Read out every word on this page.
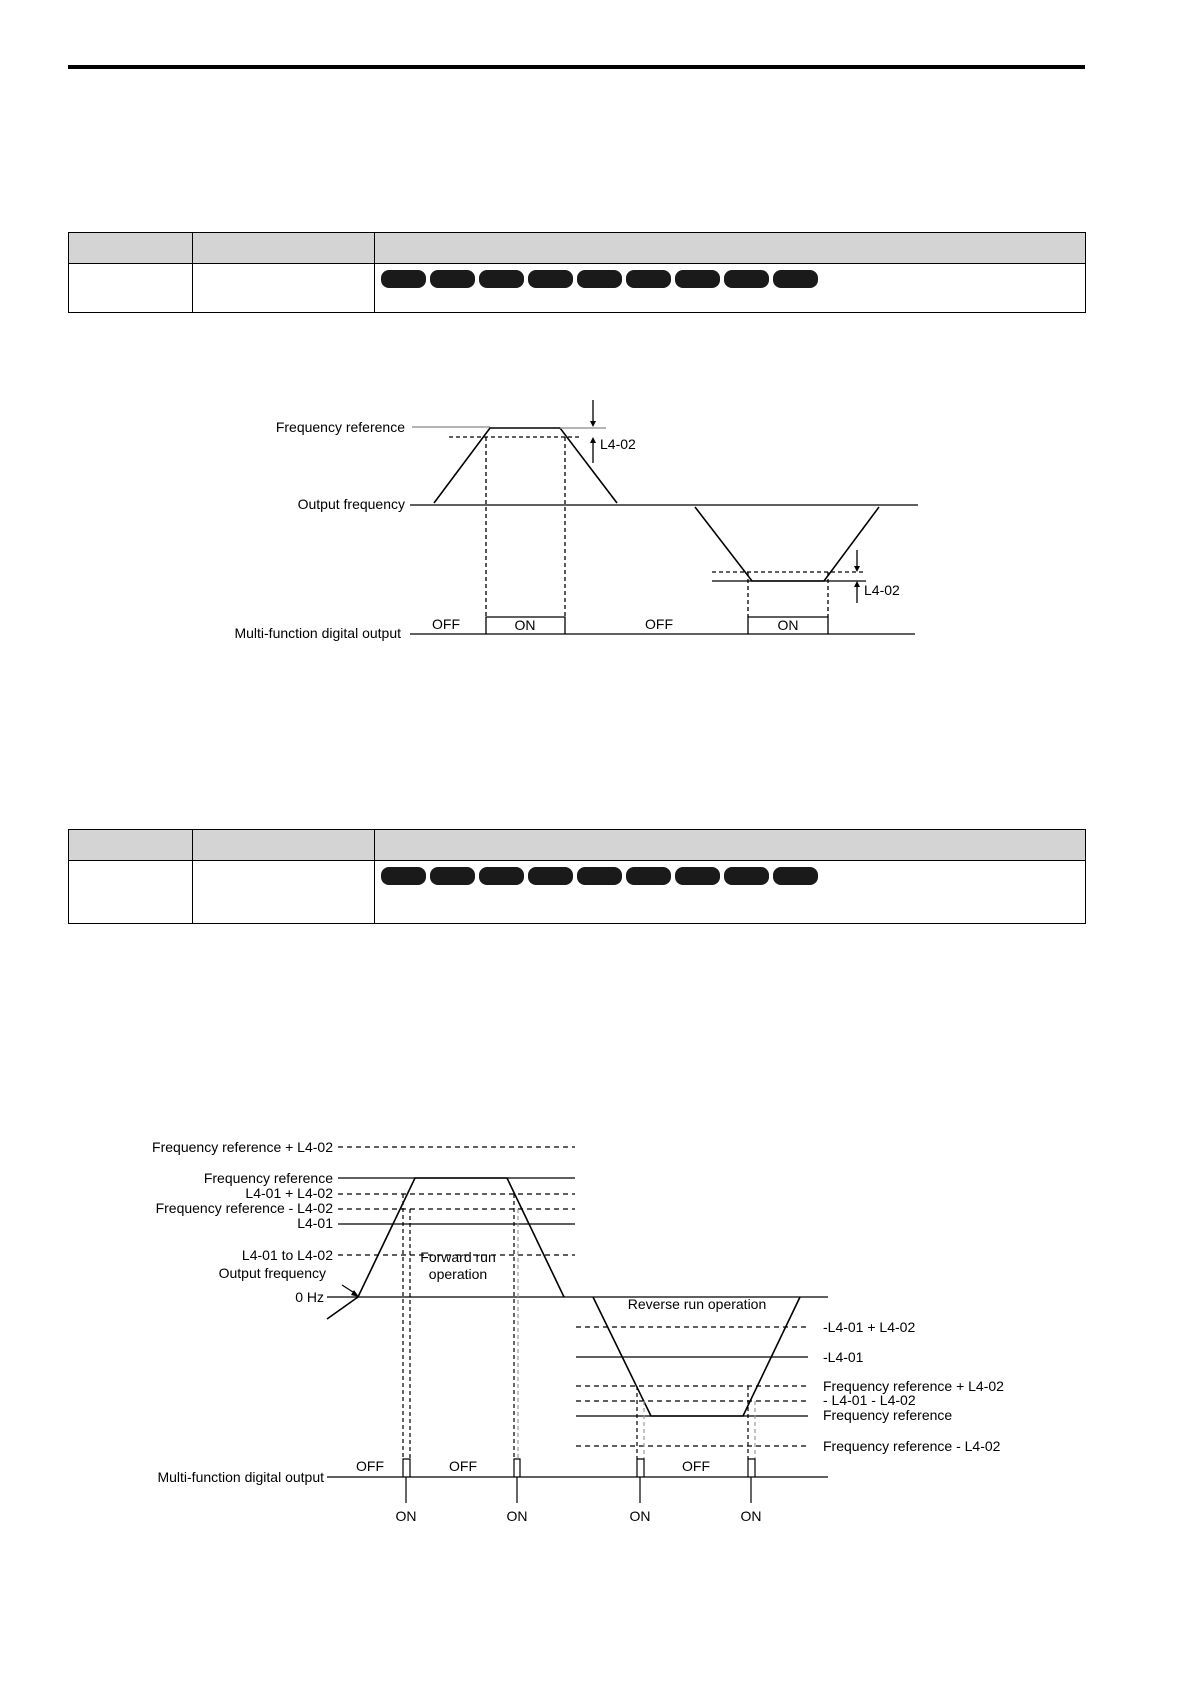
Frequency reference
Output frequency
Multi-function digital output
L4-02
L4-02
OFF	ON	OFF	ON

Frequency reference + L4-02
Frequency reference
L4-01 + L4-02
Frequency reference - L4-02
L4-01
L4-01 to L4-02
Output frequency
0 Hz
Multi-function digital output
-L4-01 + L4-02
-L4-01
Frequency reference + L4-02
- L4-01 - L4-02
Frequency reference
Frequency reference - L4-02
Forward run
operation
Reverse run operation
OFF	OFF	OFF
ON	ON	ON	ON
